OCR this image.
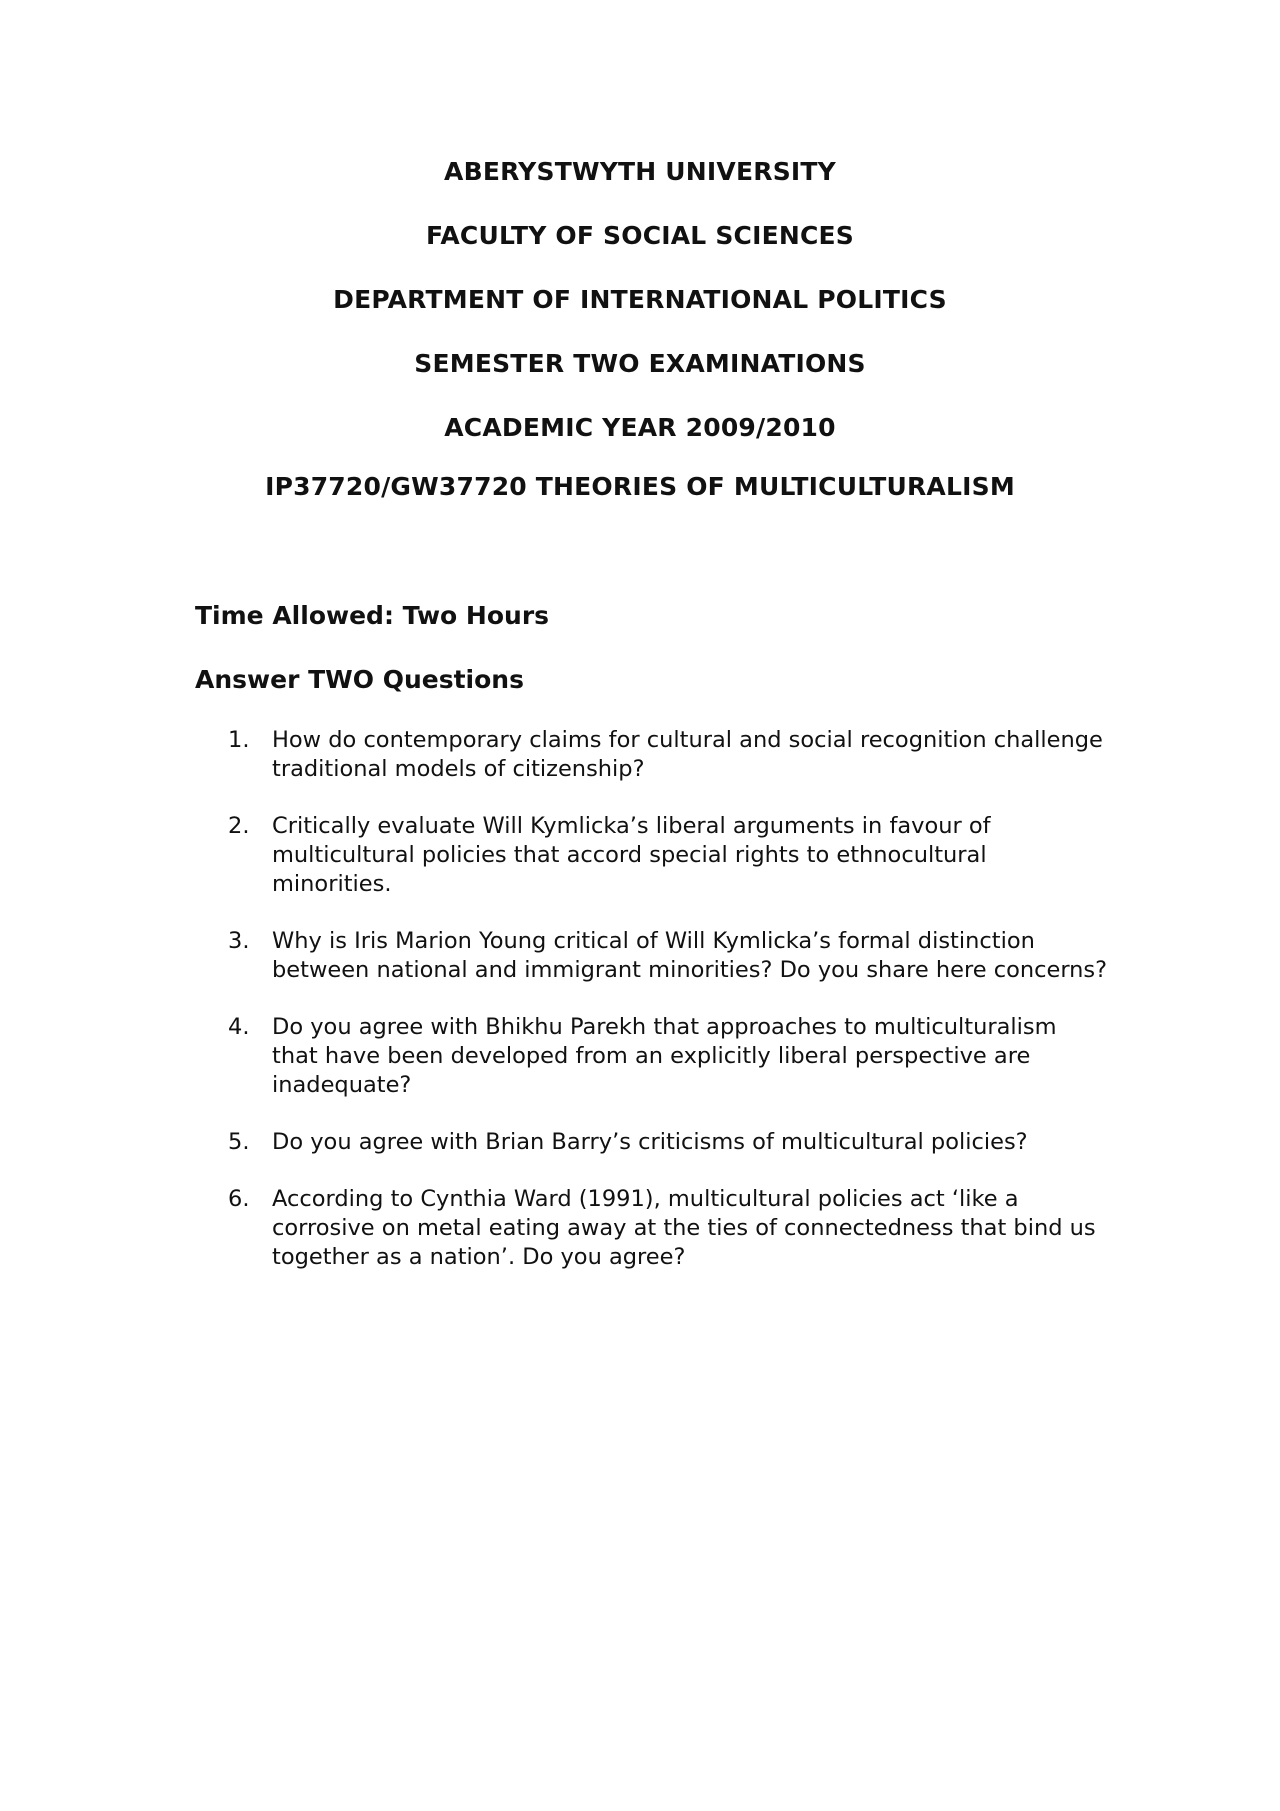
ABERYSTWYTH UNIVERSITY
FACULTY OF SOCIAL SCIENCES
DEPARTMENT OF INTERNATIONAL POLITICS
SEMESTER TWO EXAMINATIONS
ACADEMIC YEAR 2009/2010
IP37720/GW37720 THEORIES OF MULTICULTURALISM
Time Allowed: Two Hours
Answer TWO Questions
1. How do contemporary claims for cultural and social recognition challenge traditional models of citizenship?
2. Critically evaluate Will Kymlicka’s liberal arguments in favour of multicultural policies that accord special rights to ethnocultural minorities.
3. Why is Iris Marion Young critical of Will Kymlicka’s formal distinction between national and immigrant minorities? Do you share here concerns?
4. Do you agree with Bhikhu Parekh that approaches to multiculturalism that have been developed from an explicitly liberal perspective are inadequate?
5. Do you agree with Brian Barry’s criticisms of multicultural policies?
6. According to Cynthia Ward (1991), multicultural policies act ‘like a corrosive on metal eating away at the ties of connectedness that bind us together as a nation’. Do you agree?
